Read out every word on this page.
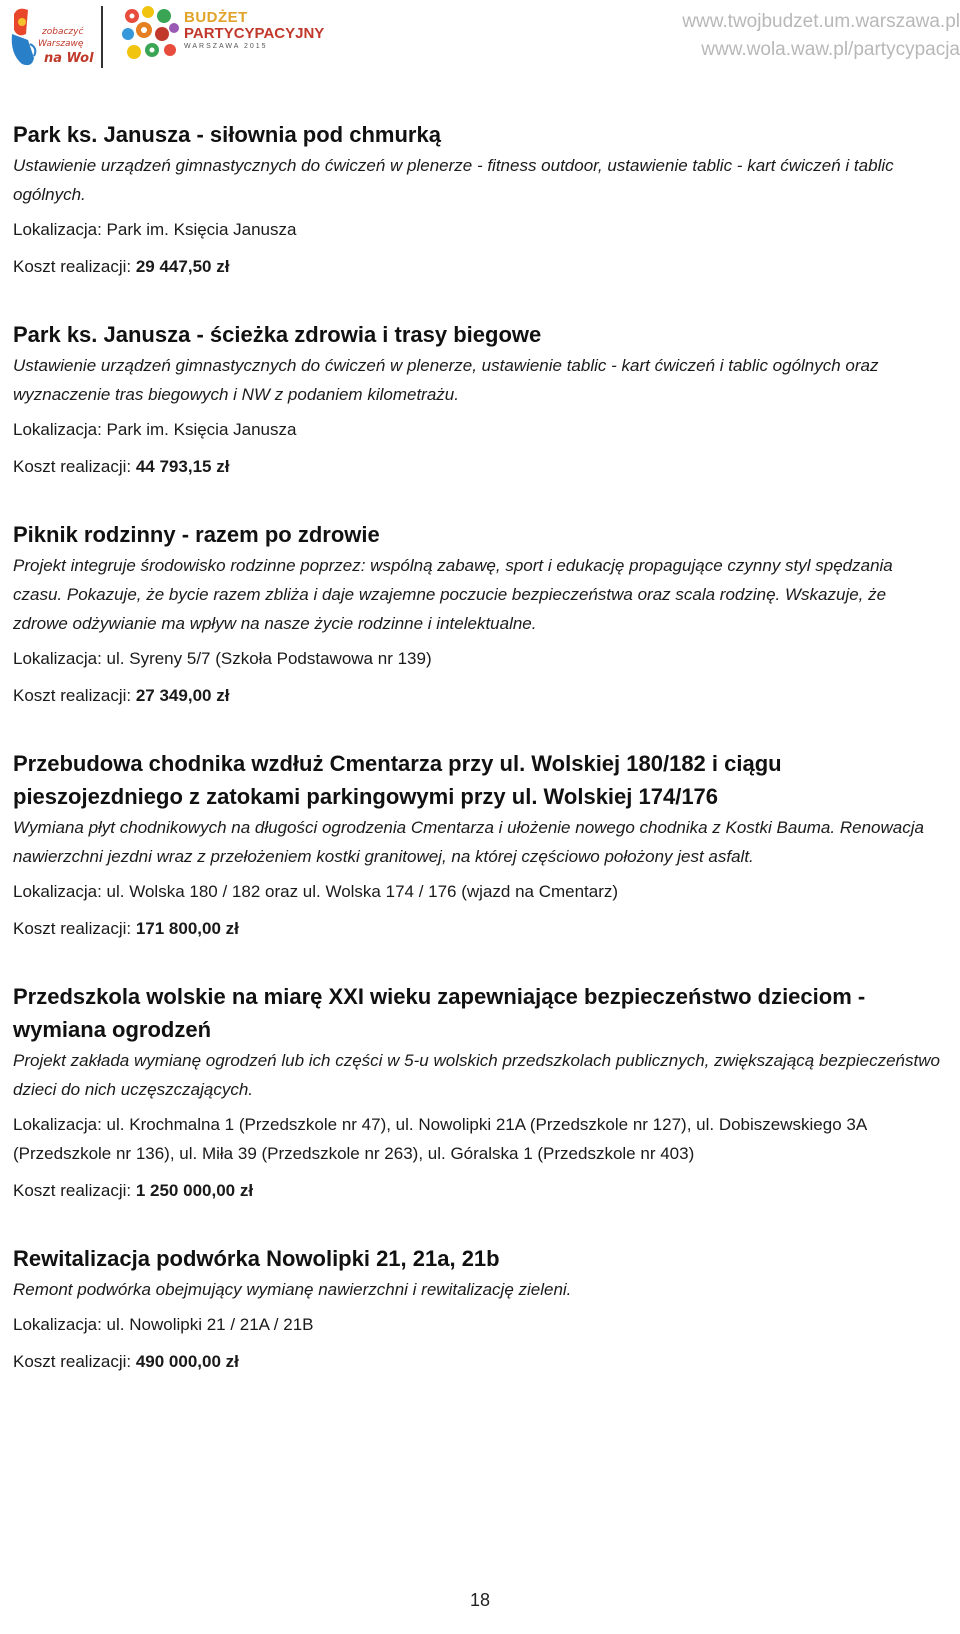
zobaczyć
Warszawę
na Woli
BUDŻET
PARTYCYPACYJNY
WARSZAWA 2015
www.twojbudzet.um.warszawa.pl
www.wola.waw.pl/partycypacja
Park ks. Janusza - siłownia pod chmurką

Ustawienie urządzeń gimnastycznych do ćwiczeń w plenerze - fitness outdoor, ustawienie tablic - kart ćwiczeń i tablic ogólnych.

Lokalizacja: Park im. Księcia Janusza

Koszt realizacji: 29 447,50 zł

Park ks. Janusza - ścieżka zdrowia i trasy biegowe

Ustawienie urządzeń gimnastycznych do ćwiczeń w plenerze, ustawienie tablic - kart ćwiczeń i tablic ogólnych oraz wyznaczenie tras biegowych i NW z podaniem kilometrażu.

Lokalizacja: Park im. Księcia Janusza

Koszt realizacji: 44 793,15 zł

Piknik rodzinny - razem po zdrowie

Projekt integruje środowisko rodzinne poprzez: wspólną zabawę, sport i edukację propagujące czynny styl spędzania czasu. Pokazuje, że bycie razem zbliża i daje wzajemne poczucie bezpieczeństwa oraz scala rodzinę. Wskazuje, że zdrowe odżywianie ma wpływ na nasze życie rodzinne i intelektualne.

Lokalizacja: ul. Syreny 5/7 (Szkoła Podstawowa nr 139)

Koszt realizacji: 27 349,00 zł

Przebudowa chodnika wzdłuż Cmentarza przy ul. Wolskiej 180/182 i ciągu pieszojezdniego z zatokami parkingowymi przy ul. Wolskiej 174/176

Wymiana płyt chodnikowych na długości ogrodzenia Cmentarza i ułożenie nowego chodnika z Kostki Bauma. Renowacja nawierzchni jezdni wraz z przełożeniem kostki granitowej, na której częściowo położony jest asfalt.

Lokalizacja: ul. Wolska 180 / 182 oraz ul. Wolska 174 / 176 (wjazd na Cmentarz)

Koszt realizacji: 171 800,00 zł

Przedszkola wolskie na miarę XXI wieku zapewniające bezpieczeństwo dzieciom - wymiana ogrodzeń

Projekt zakłada wymianę ogrodzeń lub ich części w 5-u wolskich przedszkolach publicznych, zwiększającą bezpieczeństwo dzieci do nich uczęszczających.

Lokalizacja: ul. Krochmalna 1 (Przedszkole nr 47), ul. Nowolipki 21A (Przedszkole nr 127), ul. Dobiszewskiego 3A (Przedszkole nr 136), ul. Miła 39 (Przedszkole nr 263), ul. Góralska 1 (Przedszkole nr 403)

Koszt realizacji: 1 250 000,00 zł

Rewitalizacja podwórka Nowolipki 21, 21a, 21b

Remont podwórka obejmujący wymianę nawierzchni i rewitalizację zieleni.

Lokalizacja: ul. Nowolipki 21 / 21A / 21B

Koszt realizacji: 490 000,00 zł

18
